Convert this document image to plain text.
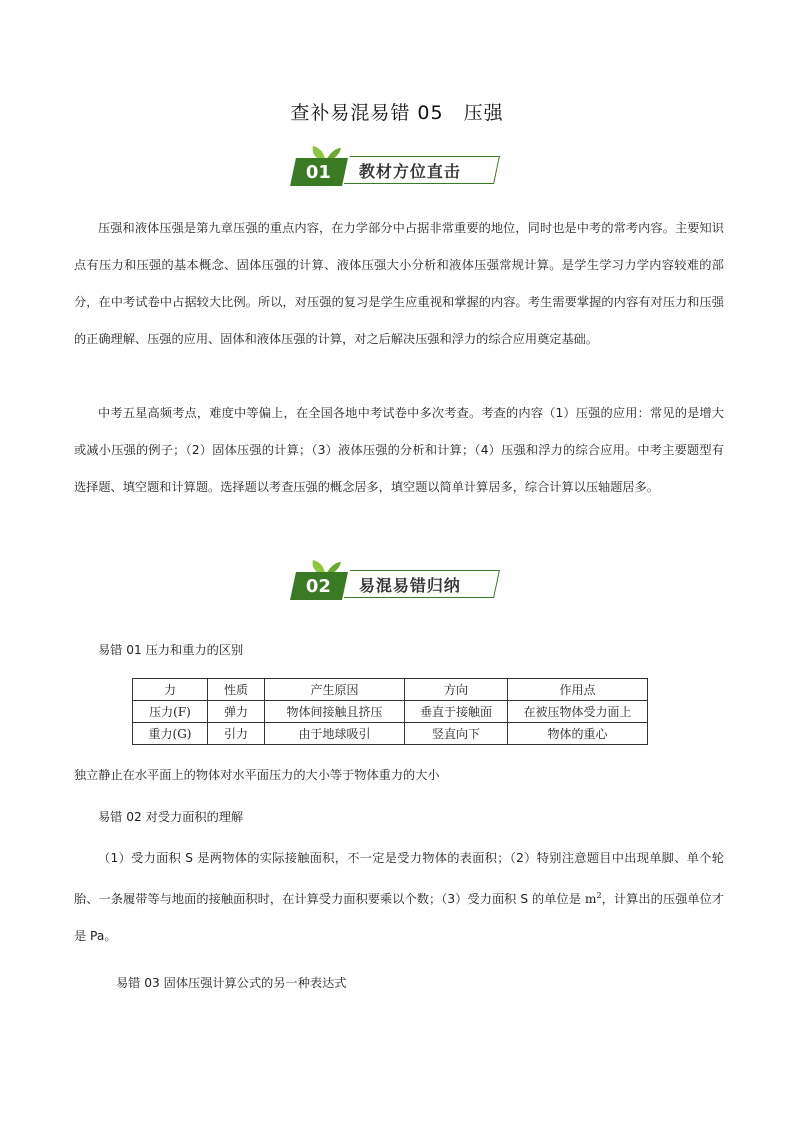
查补易混易错 05　压强
01 教材方位直击

压强和液体压强是第九章压强的重点内容，在力学部分中占据非常重要的地位，同时也是中考的常考内容。主要知识点有压力和压强的基本概念、固体压强的计算、液体压强大小分析和液体压强常规计算。是学生学习力学内容较难的部分，在中考试卷中占据较大比例。所以，对压强的复习是学生应重视和掌握的内容。考生需要掌握的内容有对压力和压强的正确理解、压强的应用、固体和液体压强的计算，对之后解决压强和浮力的综合应用奠定基础。

中考五星高频考点，难度中等偏上，在全国各地中考试卷中多次考查。考查的内容（1）压强的应用：常见的是增大或减小压强的例子；（2）固体压强的计算；（3）液体压强的分析和计算；（4）压强和浮力的综合应用。中考主要题型有选择题、填空题和计算题。选择题以考查压强的概念居多，填空题以简单计算居多，综合计算以压轴题居多。

02 易混易错归纳

易错 01 压力和重力的区别

力	性质	产生原因	方向	作用点
压力(F)	弹力	物体间接触且挤压	垂直于接触面	在被压物体受力面上
重力(G)	引力	由于地球吸引	竖直向下	物体的重心

独立静止在水平面上的物体对水平面压力的大小等于物体重力的大小

易错 02 对受力面积的理解

（1）受力面积 S 是两物体的实际接触面积，不一定是受力物体的表面积；（2）特别注意题目中出现单脚、单个轮胎、一条履带等与地面的接触面积时，在计算受力面积要乘以个数；（3）受力面积 S 的单位是 $m^2$，计算出的压强单位才是 Pa。

易错 03 固体压强计算公式的另一种表达式
